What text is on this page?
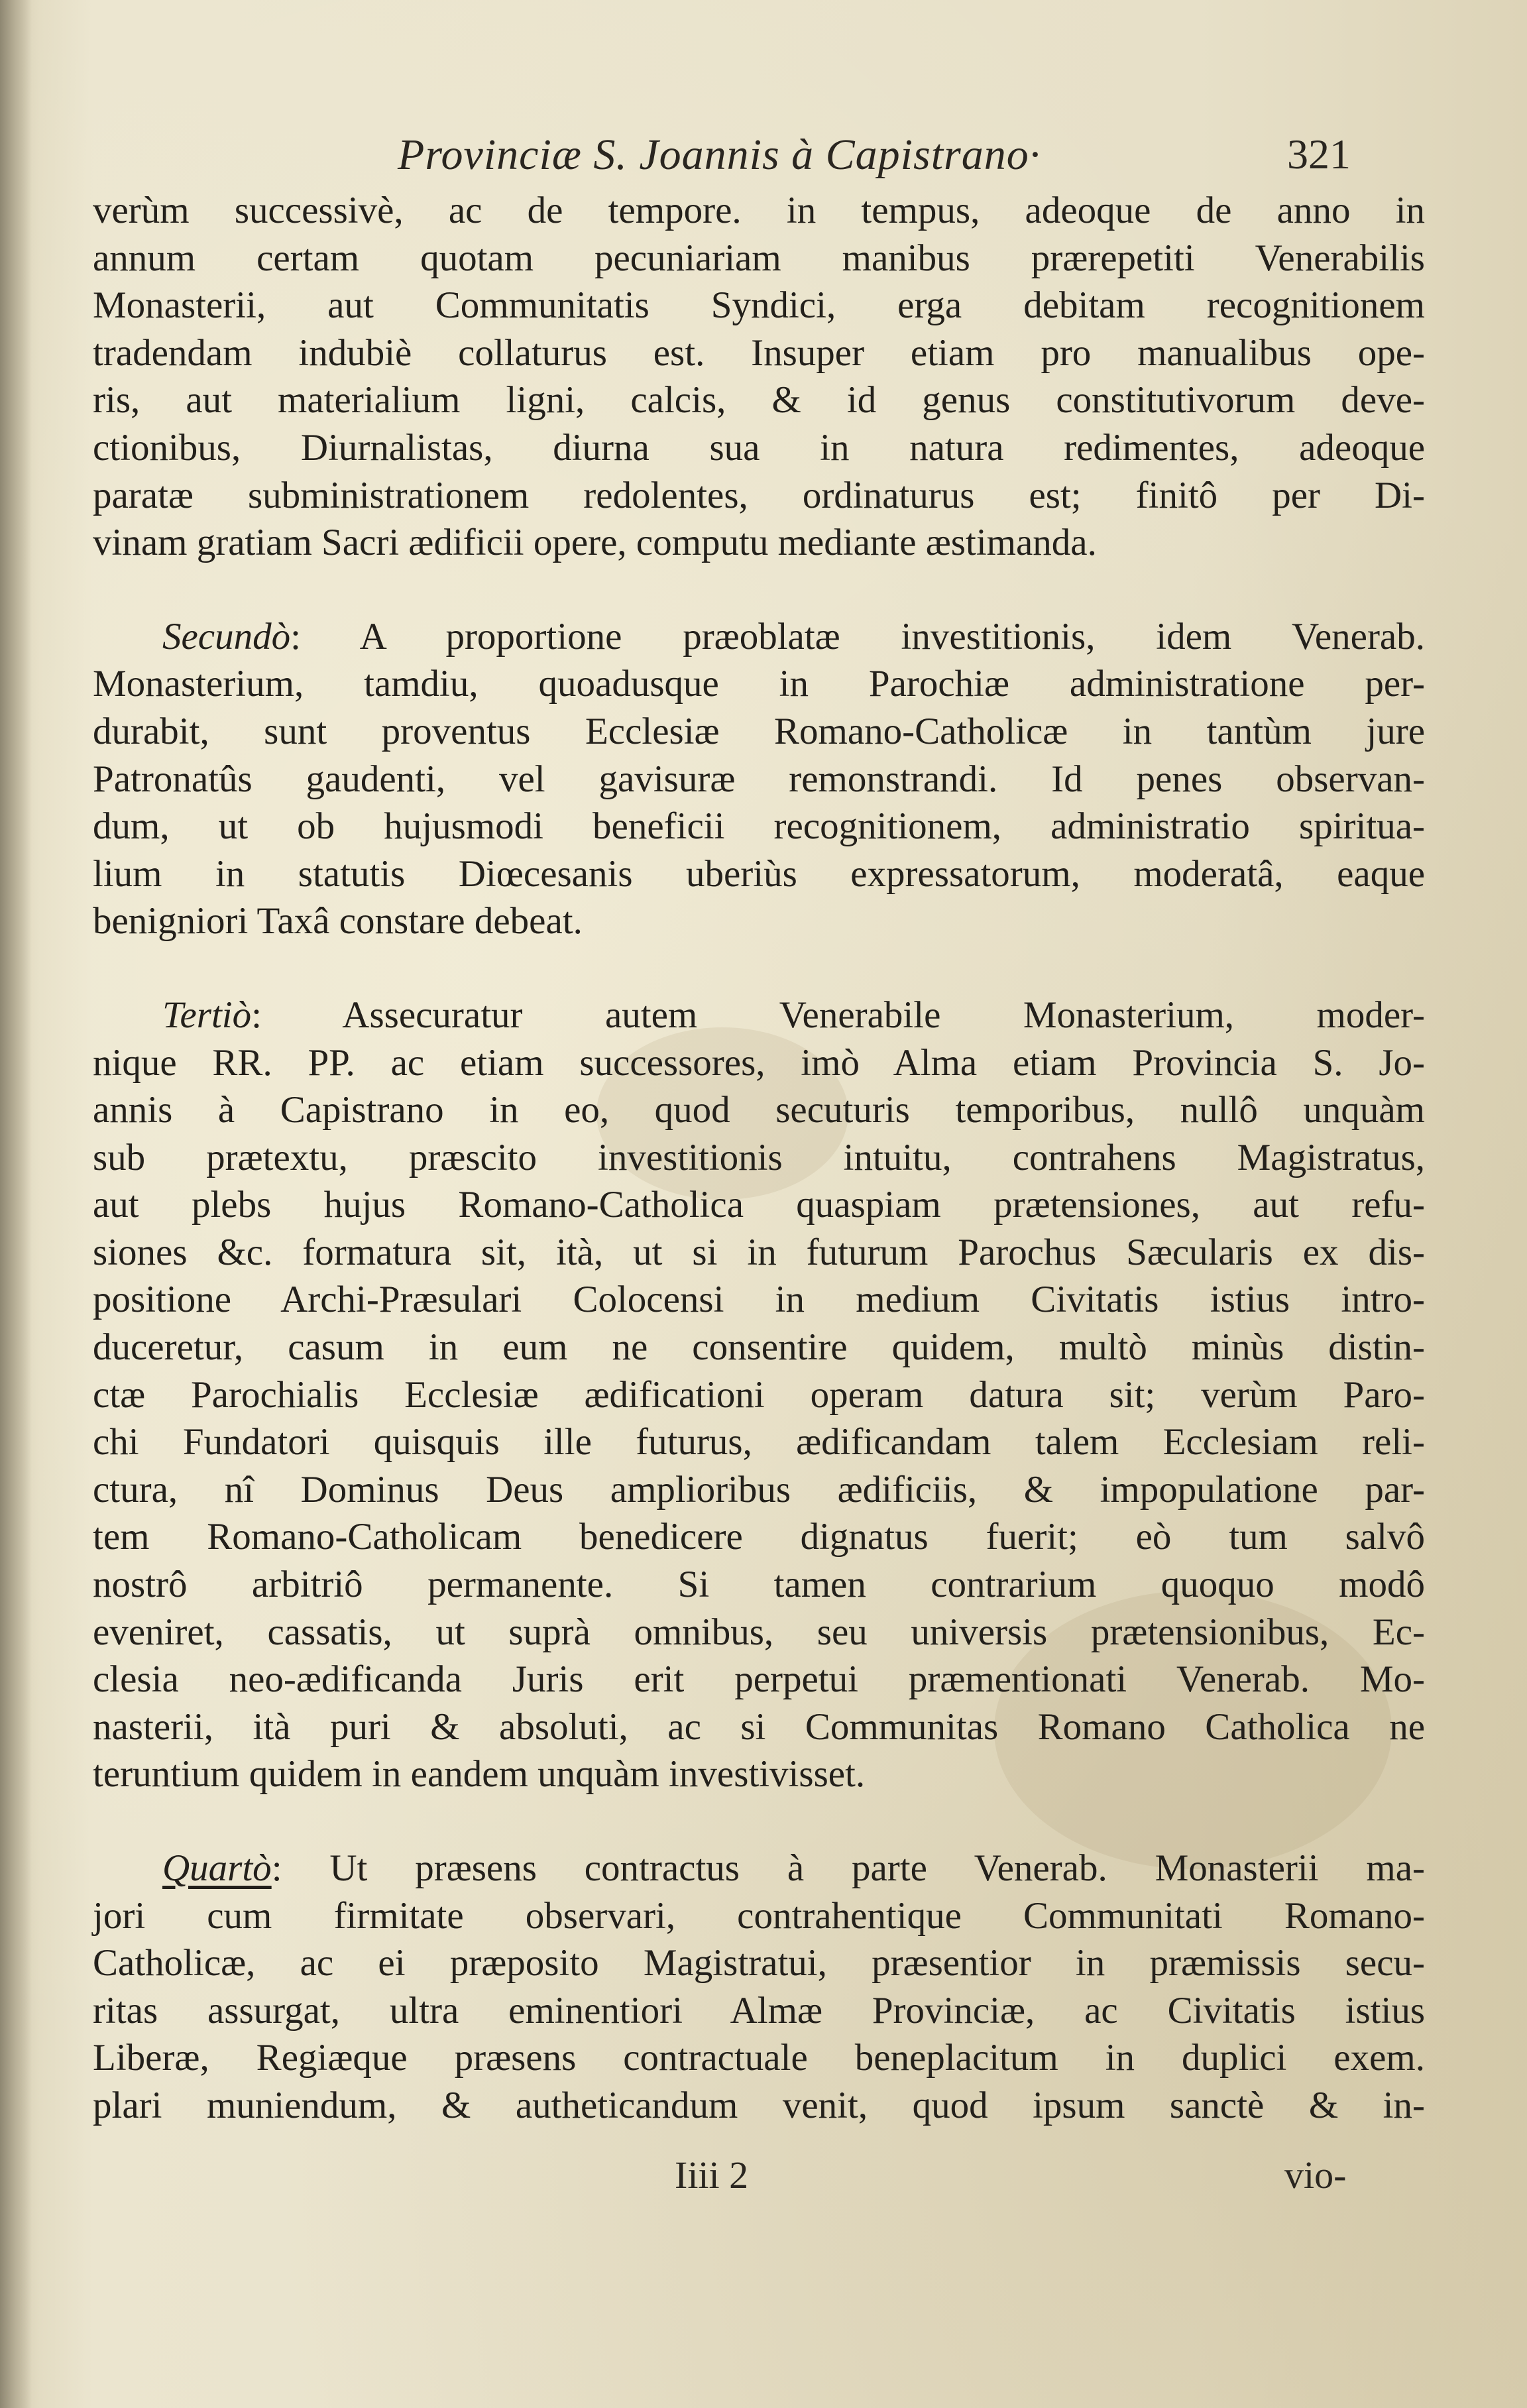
Provinciæ S. Joannis à Capistrano·	321
verùm successivè, ac de tempore. in tempus, adeoque de anno in
annum certam quotam pecuniariam manibus prærepetiti Venerabilis
Monasterii, aut Communitatis Syndici, erga debitam recognitionem
tradendam indubiè collaturus est. Insuper etiam pro manualibus ope-
ris, aut materialium ligni, calcis, & id genus constitutivorum deve-
ctionibus, Diurnalistas, diurna sua in natura redimentes, adeoque
paratæ subministrationem redolentes, ordinaturus est; finitô per Di-
vinam gratiam Sacri ædificii opere, computu mediante æstimanda.
Secundò: A proportione præoblatæ investitionis, idem Venerab.
Monasterium, tamdiu, quoadusque in Parochiæ administratione per-
durabit, sunt proventus Ecclesiæ Romano-Catholicæ in tantùm jure
Patronatûs gaudenti, vel gavisuræ remonstrandi. Id penes observan-
dum, ut ob hujusmodi beneficii recognitionem, administratio spiritua-
lium in statutis Diœcesanis uberiùs expressatorum, moderatâ, eaque
benigniori Taxâ constare debeat.
Tertiò: Assecuratur autem Venerabile Monasterium, moder-
nique RR. PP. ac etiam successores, imò Alma etiam Provincia S. Jo-
annis à Capistrano in eo, quod secuturis temporibus, nullô unquàm
sub prætextu, præscito investitionis intuitu, contrahens Magistratus,
aut plebs hujus Romano-Catholica quaspiam prætensiones, aut refu-
siones &c. formatura sit, ità, ut si in futurum Parochus Sæcularis ex dis-
positione Archi-Præsulari Colocensi in medium Civitatis istius intro-
duceretur, casum in eum ne consentire quidem, multò minùs distin-
ctæ Parochialis Ecclesiæ ædificationi operam datura sit; verùm Paro-
chi Fundatori quisquis ille futurus, ædificandam talem Ecclesiam reli-
ctura, nî Dominus Deus amplioribus ædificiis, & impopulatione par-
tem Romano-Catholicam benedicere dignatus fuerit; eò tum salvô
nostrô arbitriô permanente. Si tamen contrarium quoquo modô
eveniret, cassatis, ut suprà omnibus, seu universis prætensionibus, Ec-
clesia neo-ædificanda Juris erit perpetui præmentionati Venerab. Mo-
nasterii, ità puri & absoluti, ac si Communitas Romano Catholica ne
teruntium quidem in eandem unquàm investivisset.
Quartò: Ut præsens contractus à parte Venerab. Monasterii ma-
jori cum firmitate observari, contrahentique Communitati Romano-
Catholicæ, ac ei præposito Magistratui, præsentior in præmissis secu-
ritas assurgat, ultra eminentiori Almæ Provinciæ, ac Civitatis istius
Liberæ, Regiæque præsens contractuale beneplacitum in duplici exem.
plari muniendum, & autheticandum venit, quod ipsum sanctè & in-
Iiii 2	vio-
